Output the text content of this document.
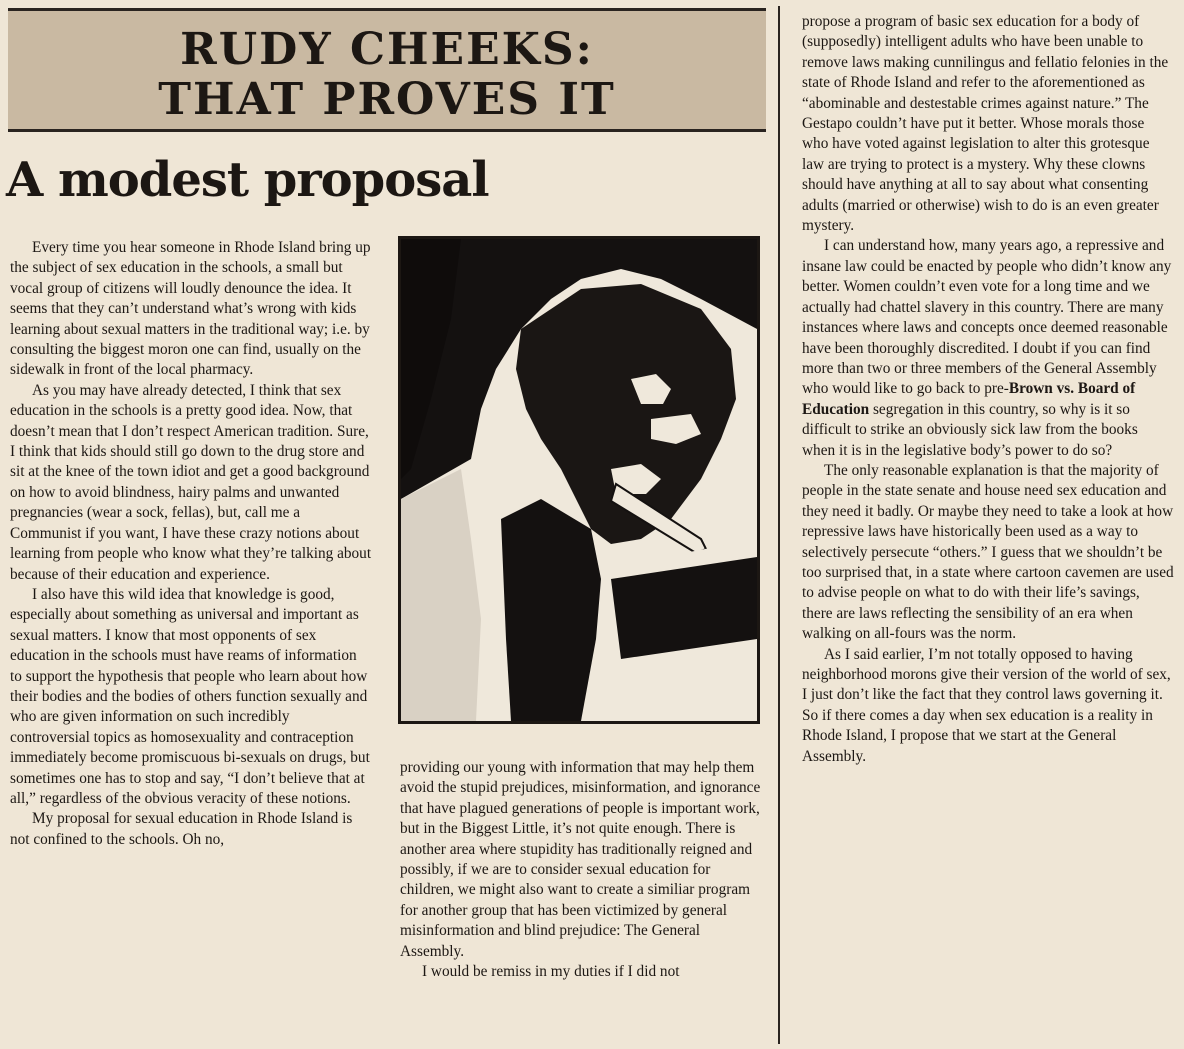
RUDY CHEEKS:
THAT PROVES IT
A modest proposal

Every time you hear someone in Rhode Island bring up the subject of sex education in the schools, a small but vocal group of citizens will loudly denounce the idea. It seems that they can’t understand what’s wrong with kids learning about sexual matters in the traditional way; i.e. by consulting the biggest moron one can find, usually on the sidewalk in front of the local pharmacy.

As you may have already detected, I think that sex education in the schools is a pretty good idea. Now, that doesn’t mean that I don’t respect American tradition. Sure, I think that kids should still go down to the drug store and sit at the knee of the town idiot and get a good background on how to avoid blindness, hairy palms and unwanted pregnancies (wear a sock, fellas), but, call me a Communist if you want, I have these crazy notions about learning from people who know what they’re talking about because of their education and experience.

I also have this wild idea that knowledge is good, especially about something as universal and important as sexual matters. I know that most opponents of sex education in the schools must have reams of information to support the hypothesis that people who learn about how their bodies and the bodies of others function sexually and who are given information on such incredibly controversial topics as homosexuality and contraception immediately become promiscuous bi-sexuals on drugs, but sometimes one has to stop and say, “I don’t believe that at all,” regardless of the obvious veracity of these notions.

My proposal for sexual education in Rhode Island is not confined to the schools. Oh no,

providing our young with information that may help them avoid the stupid prejudices, misinformation, and ignorance that have plagued generations of people is important work, but in the Biggest Little, it’s not quite enough. There is another area where stupidity has traditionally reigned and possibly, if we are to consider sexual education for children, we might also want to create a similiar program for another group that has been victimized by general misinformation and blind prejudice: The General Assembly.

I would be remiss in my duties if I did not

propose a program of basic sex education for a body of (supposedly) intelligent adults who have been unable to remove laws making cunnilingus and fellatio felonies in the state of Rhode Island and refer to the aforementioned as “abominable and destestable crimes against nature.” The Gestapo couldn’t have put it better. Whose morals those who have voted against legislation to alter this grotesque law are trying to protect is a mystery. Why these clowns should have anything at all to say about what consenting adults (married or otherwise) wish to do is an even greater mystery.

I can understand how, many years ago, a repressive and insane law could be enacted by people who didn’t know any better. Women couldn’t even vote for a long time and we actually had chattel slavery in this country. There are many instances where laws and concepts once deemed reasonable have been thoroughly discredited. I doubt if you can find more than two or three members of the General Assembly who would like to go back to pre-Brown vs. Board of Education segregation in this country, so why is it so difficult to strike an obviously sick law from the books when it is in the legislative body’s power to do so?

The only reasonable explanation is that the majority of people in the state senate and house need sex education and they need it badly. Or maybe they need to take a look at how repressive laws have historically been used as a way to selectively persecute “others.” I guess that we shouldn’t be too surprised that, in a state where cartoon cavemen are used to advise people on what to do with their life’s savings, there are laws reflecting the sensibility of an era when walking on all-fours was the norm.

As I said earlier, I’m not totally opposed to having neighborhood morons give their version of the world of sex, I just don’t like the fact that they control laws governing it. So if there comes a day when sex education is a reality in Rhode Island, I propose that we start at the General Assembly.
